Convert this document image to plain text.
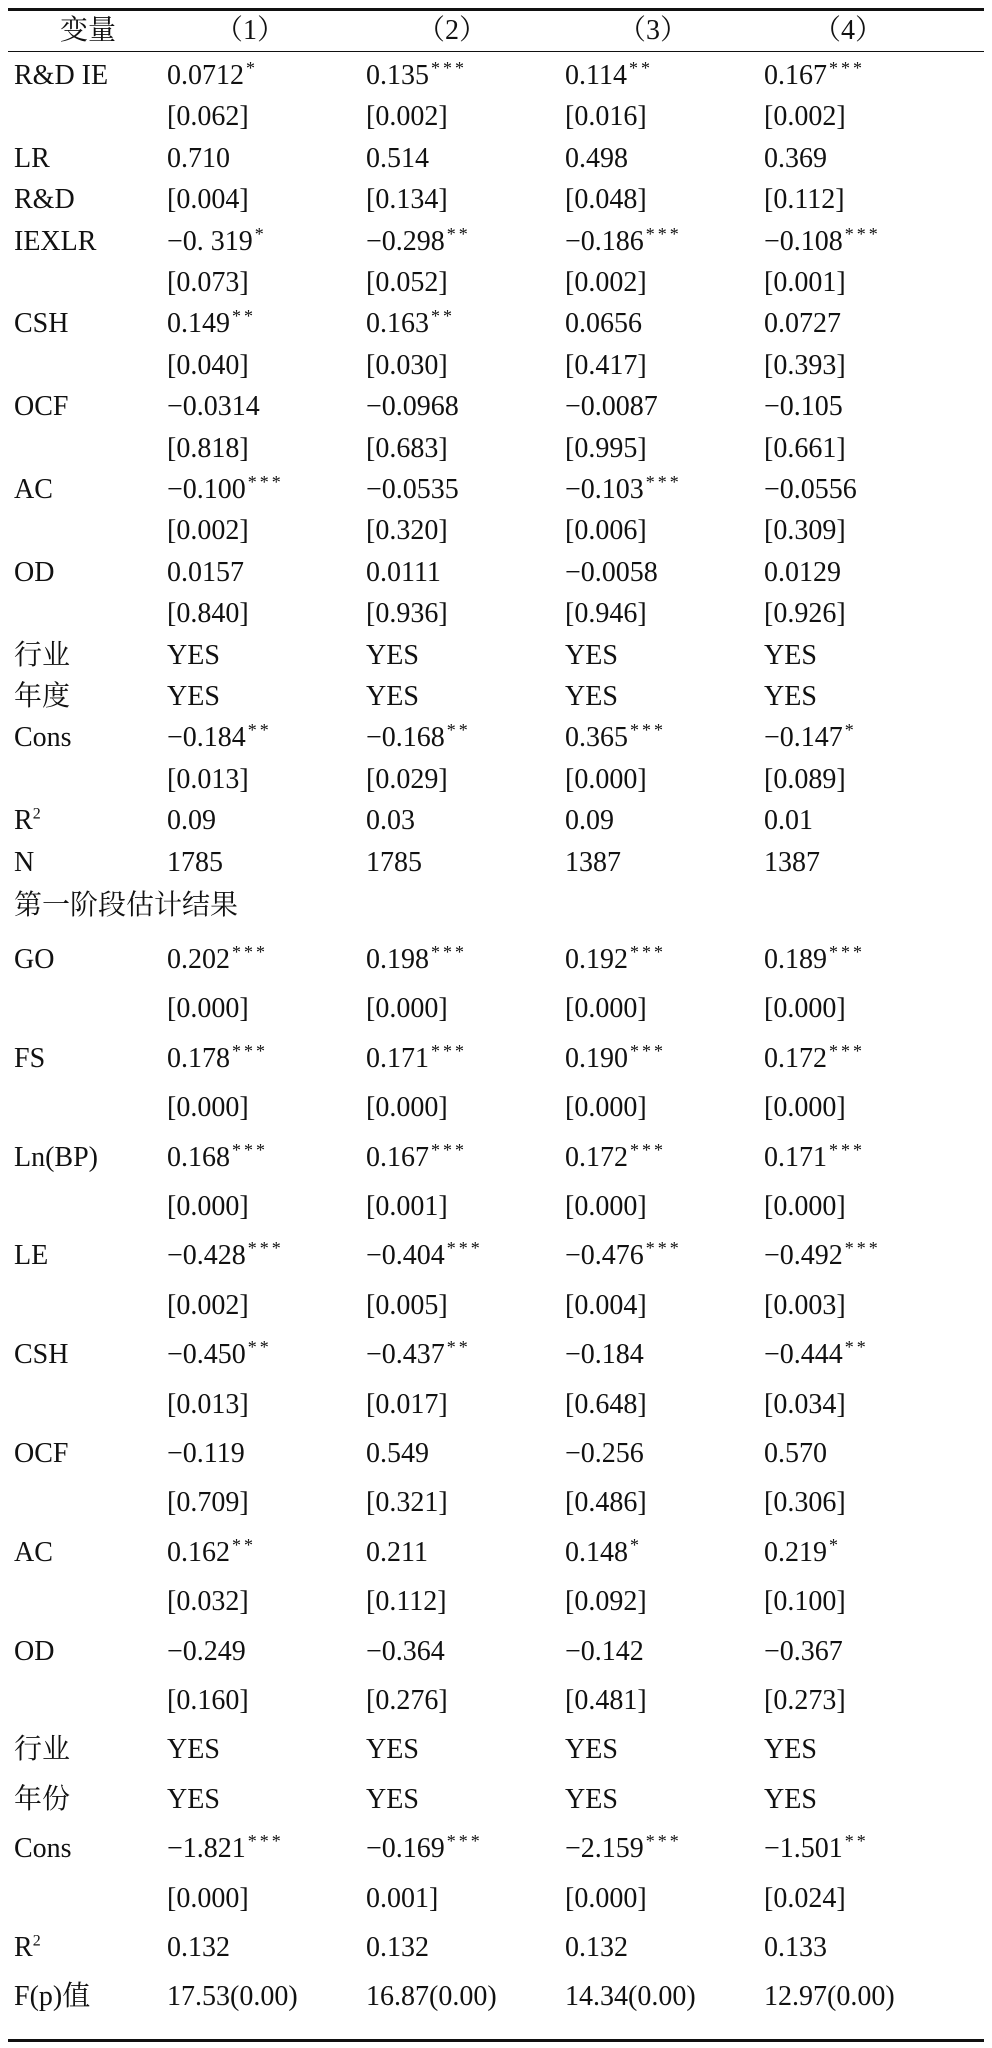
变量	（1）	（2）	（3）	（4）
R&D IE 0.0712 *	0.135 ***	0.114 **	0.167 ***
[0.062]	[0.002]	[0.016]	[0.002]
LR	0.710	0.514	0.498	0.369
R&D	[0.004]	[0.134]	[0.048]	[0.112]
IEXLR	−0. 319 *	−0.298 **	−0.186 ***	−0.108 ***
[0.073]	[0.052]	[0.002]	[0.001]
CSH	0.149 **	0.163 **	0.0656	0.0727
[0.040]	[0.030]	[0.417]	[0.393]
OCF	−0.0314	−0.0968	−0.0087	−0.105
[0.818]	[0.683]	[0.995]	[0.661]
AC	−0.100 ***	−0.0535	−0.103 ***	−0.0556
[0.002]	[0.320]	[0.006]	[0.309]
OD	0.0157	0.0111	−0.0058	0.0129
[0.840]	[0.936]	[0.946]	[0.926]
行业	YES	YES	YES	YES
年度	YES	YES	YES	YES
Cons	−0.184 **	−0.168 **	0.365 ***	−0.147 *
[0.013]	[0.029]	[0.000]	[0.089]
$R^2$	0.09	0.03	0.09	0.01
N	1785	1785	1387	1387
GO	0.202 ***	0.198 ***	0.192 ***	0.189 ***
[0.000]	[0.000]	[0.000]	[0.000]
FS	0.178 ***	0.171 ***	0.190 ***	0.172 ***
[0.000]	[0.000]	[0.000]	[0.000]
Ln(BP) 0.168 ***	0.167 ***	0.172 ***	0.171 ***
[0.000]	[0.001]	[0.000]	[0.000]
LE	−0.428 ***	−0.404 ***	−0.476 ***	−0.492 ***
[0.002]	[0.005]	[0.004]	[0.003]
CSH	−0.450 **	−0.437 **	−0.184	−0.444 **
[0.013]	[0.017]	[0.648]	[0.034]
OCF	−0.119	0.549	−0.256	0.570
[0.709]	[0.321]	[0.486]	[0.306]
AC	0.162 **	0.211	0.148 *	0.219 *
[0.032]	[0.112]	[0.092]	[0.100]
OD	−0.249	−0.364	−0.142	−0.367
[0.160]	[0.276]	[0.481]	[0.273]
行业	YES	YES	YES	YES
年份	YES	YES	YES	YES
Cons	−1.821 ***	−0.169 ***	−2.159 ***	−1.501 **
[0.000]	0.001]	[0.000]	[0.024]
$R^2$	0.132	0.132	0.132	0.133
F(p)值	17.53(0.00) 16.87(0.00) 14.34(0.00) 12.97(0.00)
第一阶段估计结果
